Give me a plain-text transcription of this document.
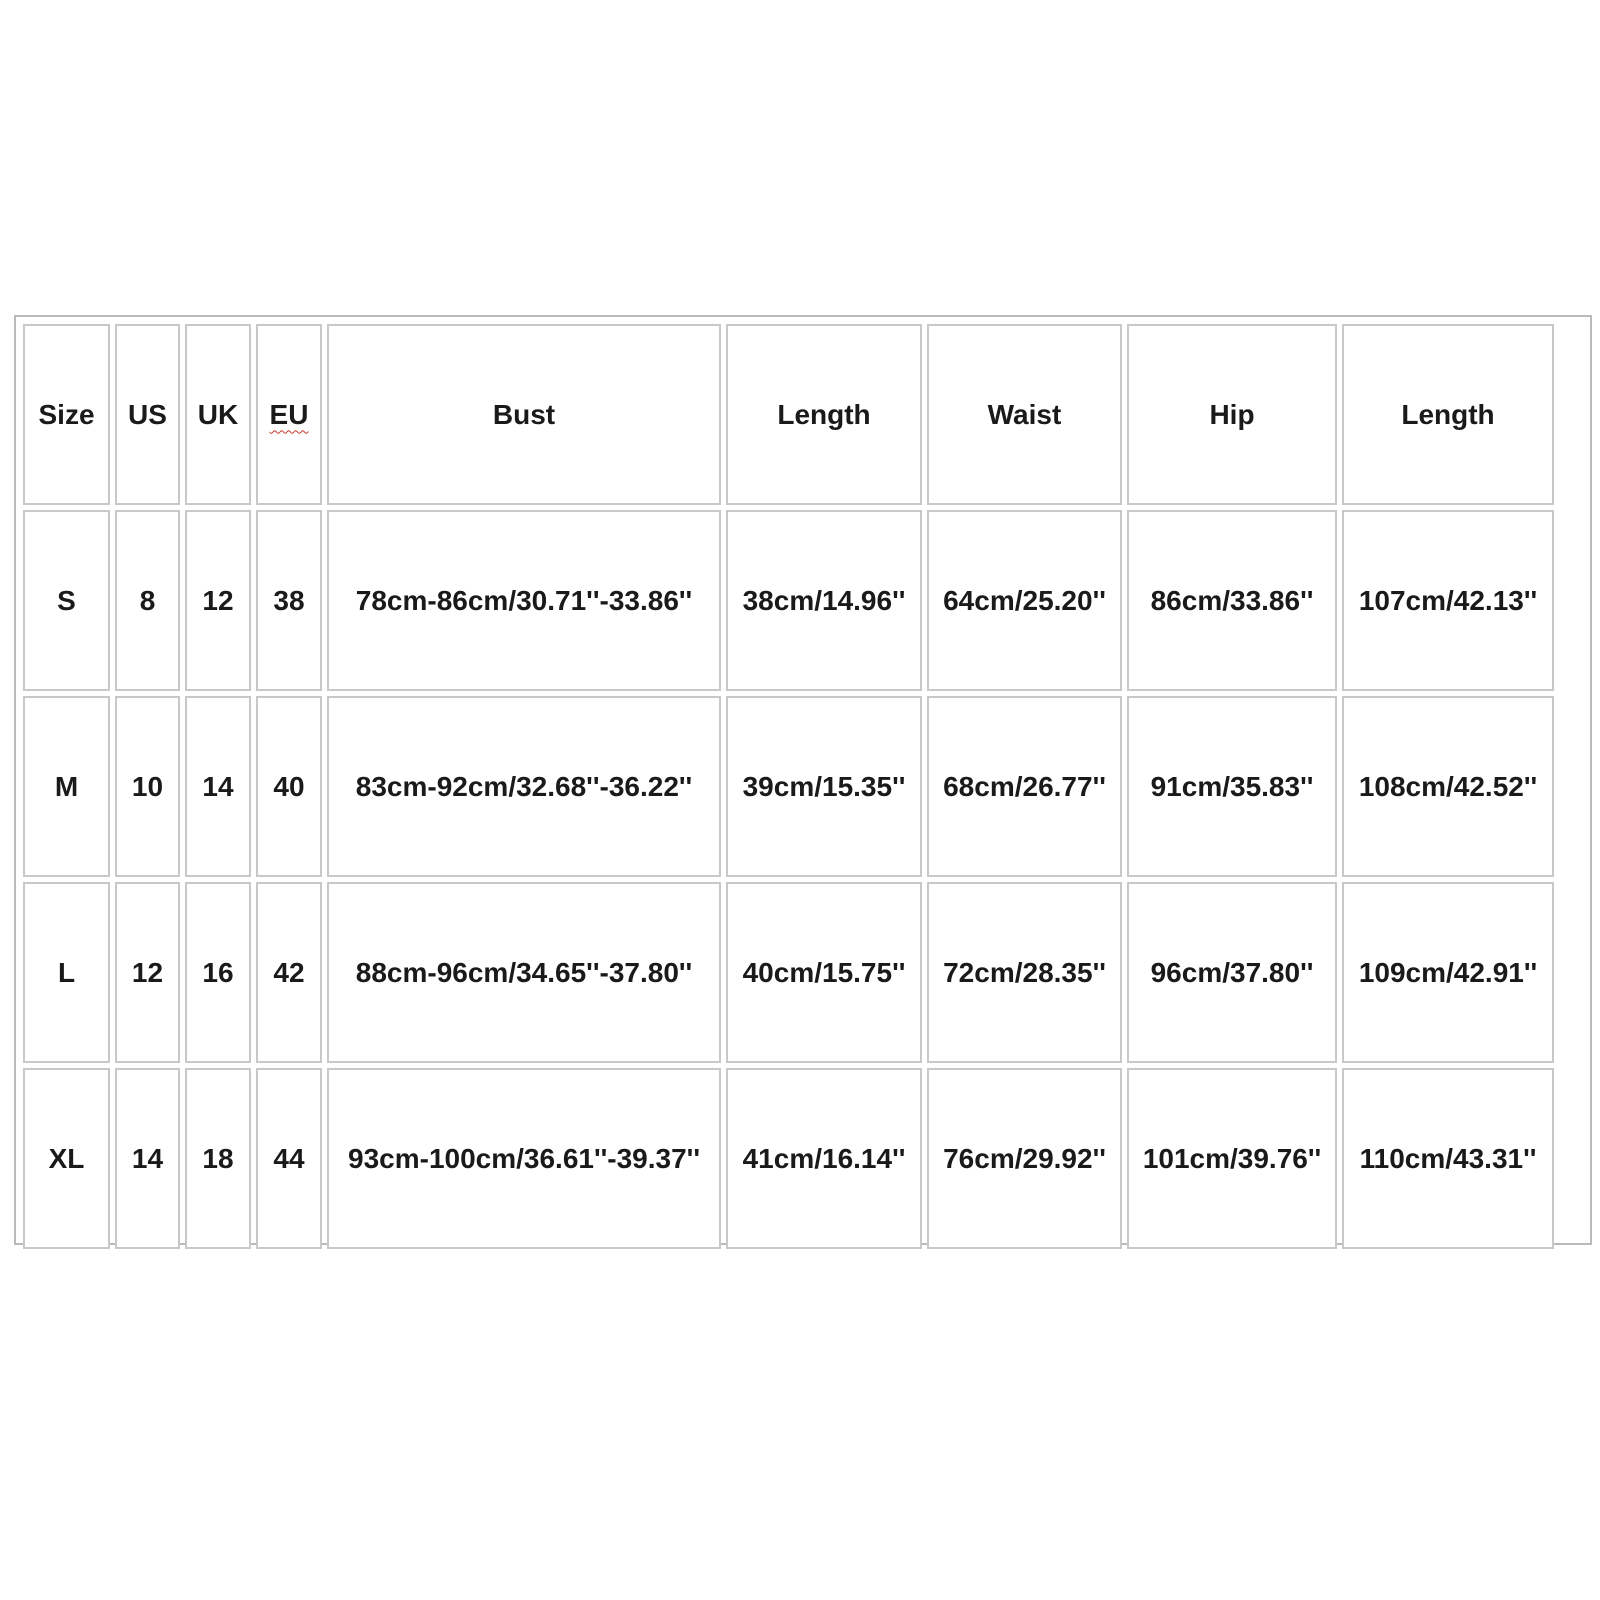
Size	US	UK	EU	Bust	Length	Waist	Hip	Length
S	8	12	38	78cm-86cm/30.71''-33.86''	38cm/14.96''	64cm/25.20''	86cm/33.86''	107cm/42.13''
M	10	14	40	83cm-92cm/32.68''-36.22''	39cm/15.35''	68cm/26.77''	91cm/35.83''	108cm/42.52''
L	12	16	42	88cm-96cm/34.65''-37.80''	40cm/15.75''	72cm/28.35''	96cm/37.80''	109cm/42.91''
XL	14	18	44	93cm-100cm/36.61''-39.37''	41cm/16.14''	76cm/29.92''	101cm/39.76''	110cm/43.31''
